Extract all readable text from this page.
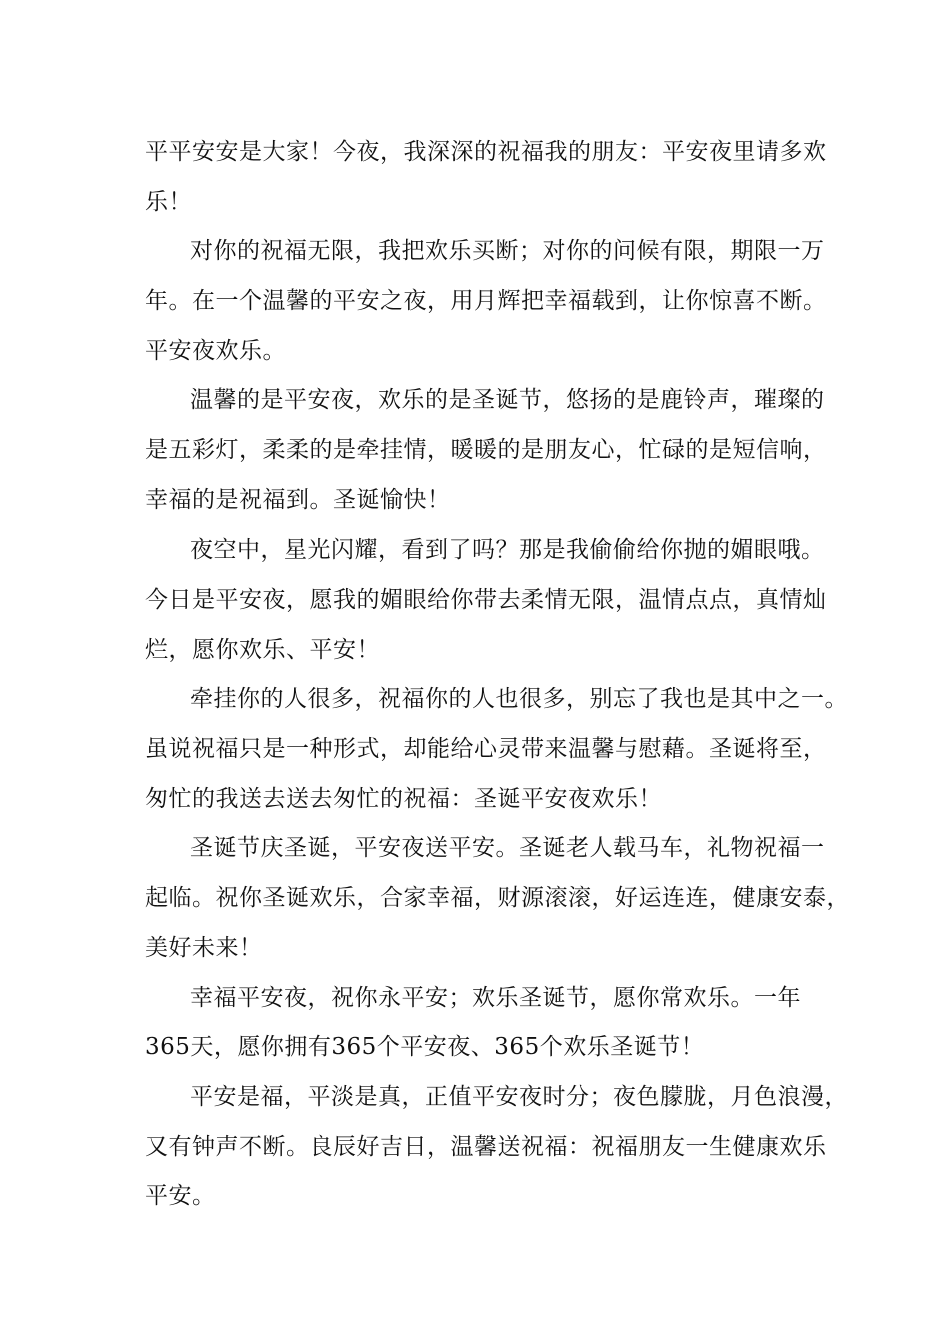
平平安安是大家！今夜，我深深的祝福我的朋友：平安夜里请多欢
乐！
对你的祝福无限，我把欢乐买断；对你的问候有限，期限一万
年。在一个温馨的平安之夜，用月辉把幸福载到，让你惊喜不断。
平安夜欢乐。
温馨的是平安夜，欢乐的是圣诞节，悠扬的是鹿铃声，璀璨的
是五彩灯，柔柔的是牵挂情，暖暖的是朋友心，忙碌的是短信响，
幸福的是祝福到。圣诞愉快！
夜空中，星光闪耀，看到了吗？那是我偷偷给你抛的媚眼哦。
今日是平安夜，愿我的媚眼给你带去柔情无限，温情点点，真情灿
烂，愿你欢乐、平安！
牵挂你的人很多，祝福你的人也很多，别忘了我也是其中之一。
虽说祝福只是一种形式，却能给心灵带来温馨与慰藉。圣诞将至，
匆忙的我送去送去匆忙的祝福：圣诞平安夜欢乐！
圣诞节庆圣诞，平安夜送平安。圣诞老人载马车，礼物祝福一
起临。祝你圣诞欢乐，合家幸福，财源滚滚，好运连连，健康安泰，
美好未来！
幸福平安夜，祝你永平安；欢乐圣诞节，愿你常欢乐。一年
365天，愿你拥有365个平安夜、365个欢乐圣诞节！
平安是福，平淡是真，正值平安夜时分；夜色朦胧，月色浪漫，
又有钟声不断。良辰好吉日，温馨送祝福：祝福朋友一生健康欢乐
平安。
